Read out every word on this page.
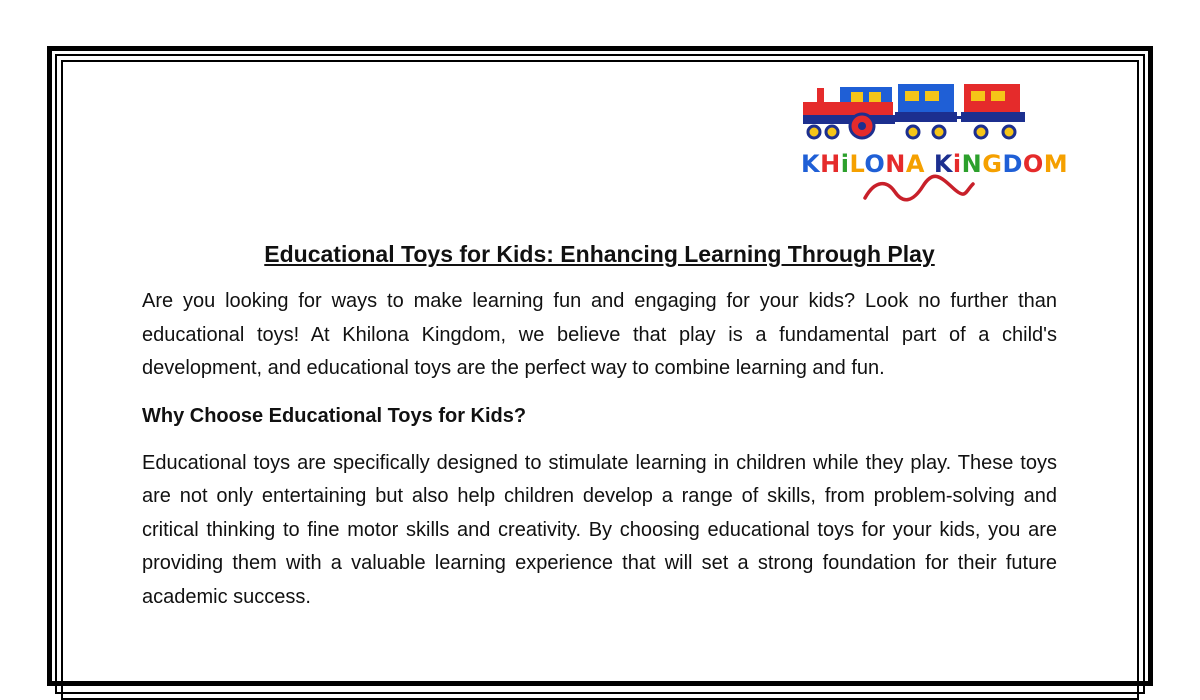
KHiLONA KiNGDOM
Educational Toys for Kids: Enhancing Learning Through Play

Are you looking for ways to make learning fun and engaging for your kids? Look no further than educational toys! At Khilona Kingdom, we believe that play is a fundamental part of a child's development, and educational toys are the perfect way to combine learning and fun.

Why Choose Educational Toys for Kids?

Educational toys are specifically designed to stimulate learning in children while they play. These toys are not only entertaining but also help children develop a range of skills, from problem-solving and critical thinking to fine motor skills and creativity. By choosing educational toys for your kids, you are providing them with a valuable learning experience that will set a strong foundation for their future academic success.
